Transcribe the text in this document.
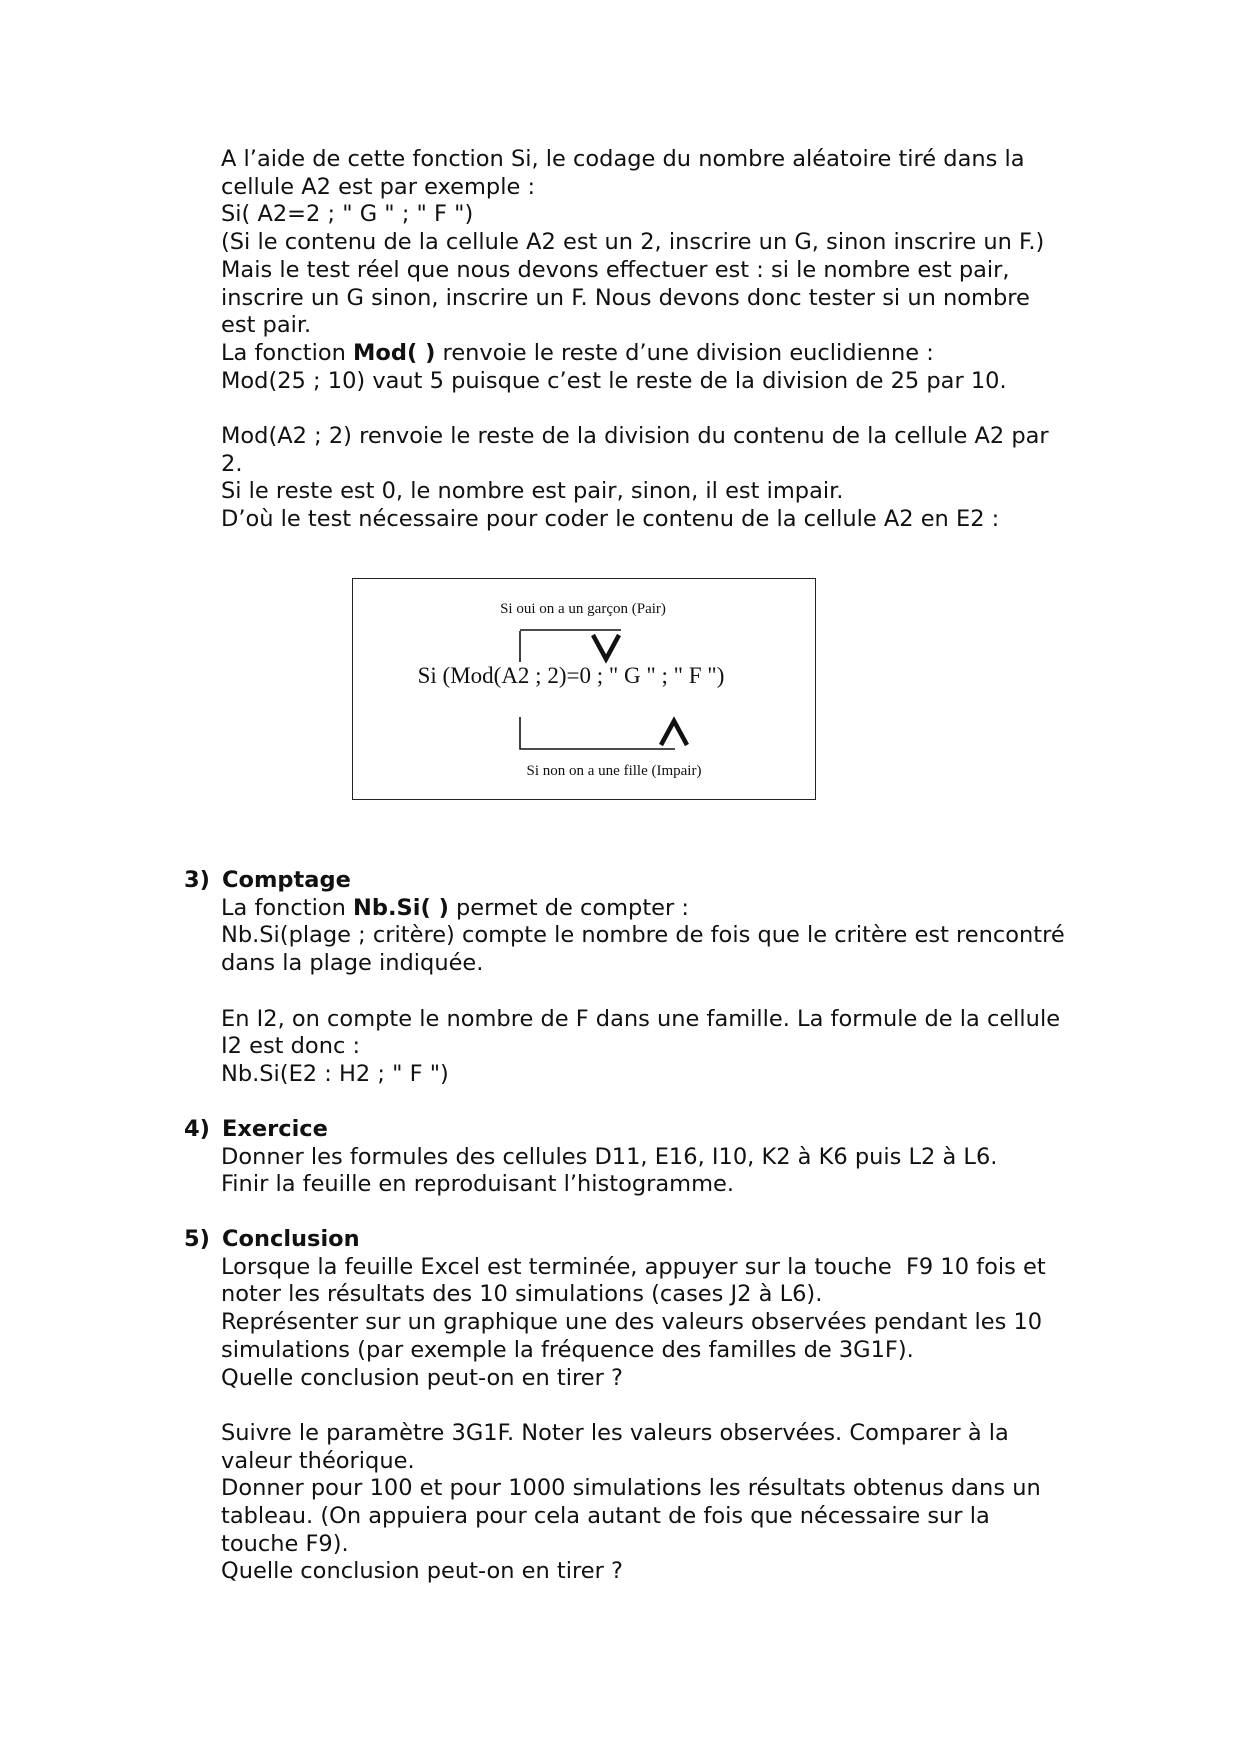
A l’aide de cette fonction Si, le codage du nombre aléatoire tiré dans la

cellule A2 est par exemple :

Si( A2=2 ; " G " ; " F ")

(Si le contenu de la cellule A2 est un 2, inscrire un G, sinon inscrire un F.)

Mais le test réel que nous devons effectuer est : si le nombre est pair,

inscrire un G sinon, inscrire un F. Nous devons donc tester si un nombre

est pair.

La fonction Mod( ) renvoie le reste d’une division euclidienne :

Mod(25 ; 10) vaut 5 puisque c’est le reste de la division de 25 par 10.

Mod(A2 ; 2) renvoie le reste de la division du contenu de la cellule A2 par

2.

Si le reste est 0, le nombre est pair, sinon, il est impair.

D’où le test nécessaire pour coder le contenu de la cellule A2 en E2 :

Si oui on a un garçon (Pair)
Si (Mod(A2 ; 2)=0 ; " G " ; " F ")
Si non on a une fille (Impair)

3) Comptage

La fonction Nb.Si( ) permet de compter :

Nb.Si(plage ; critère) compte le nombre de fois que le critère est rencontré

dans la plage indiquée.

En I2, on compte le nombre de F dans une famille. La formule de la cellule

I2 est donc :

Nb.Si(E2 : H2 ; " F ")

4) Exercice

Donner les formules des cellules D11, E16, I10, K2 à K6 puis L2 à L6.

Finir la feuille en reproduisant l’histogramme.

5) Conclusion

Lorsque la feuille Excel est terminée, appuyer sur la touche  F9 10 fois et

noter les résultats des 10 simulations (cases J2 à L6).

Représenter sur un graphique une des valeurs observées pendant les 10

simulations (par exemple la fréquence des familles de 3G1F).

Quelle conclusion peut-on en tirer ?

Suivre le paramètre 3G1F. Noter les valeurs observées. Comparer à la

valeur théorique.

Donner pour 100 et pour 1000 simulations les résultats obtenus dans un

tableau. (On appuiera pour cela autant de fois que nécessaire sur la

touche F9).

Quelle conclusion peut-on en tirer ?
